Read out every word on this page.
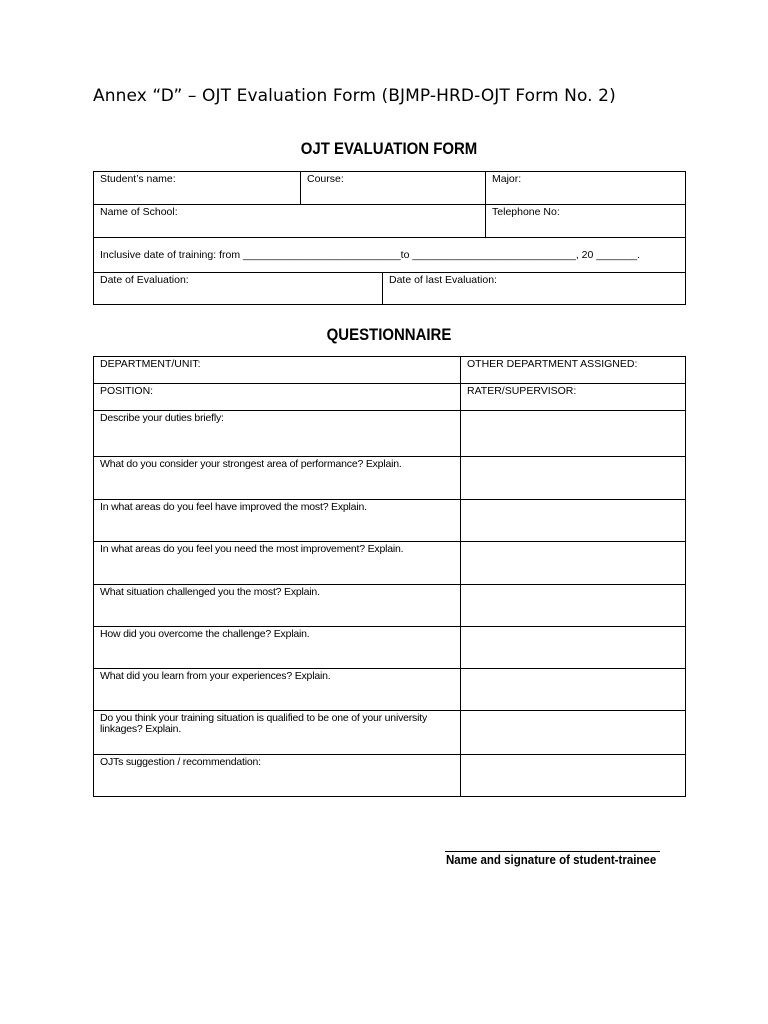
Annex “D” – OJT Evaluation Form (BJMP-HRD-OJT Form No. 2)
OJT EVALUATION FORM
Student’s name:	Course:		Major:
Name of School:			Telephone No:
Inclusive date of training: from ___________________________to ____________________________, 20 _______.			
Date of Evaluation:		Date of last Evaluation:	
QUESTIONNAIRE
DEPARTMENT/UNIT:	OTHER DEPARTMENT ASSIGNED:
POSITION:	RATER/SUPERVISOR:
Describe your duties briefly:	
What do you consider your strongest area of performance? Explain.	
In what areas do you feel have improved the most? Explain.	
In what areas do you feel you need the most improvement? Explain.	
What situation challenged you the most? Explain.	
How did you overcome the challenge? Explain.	
What did you learn from your experiences? Explain.	
Do you think your training situation is qualified to be one of your university linkages? Explain.	
OJTs suggestion / recommendation:	
Name and signature of student-trainee
